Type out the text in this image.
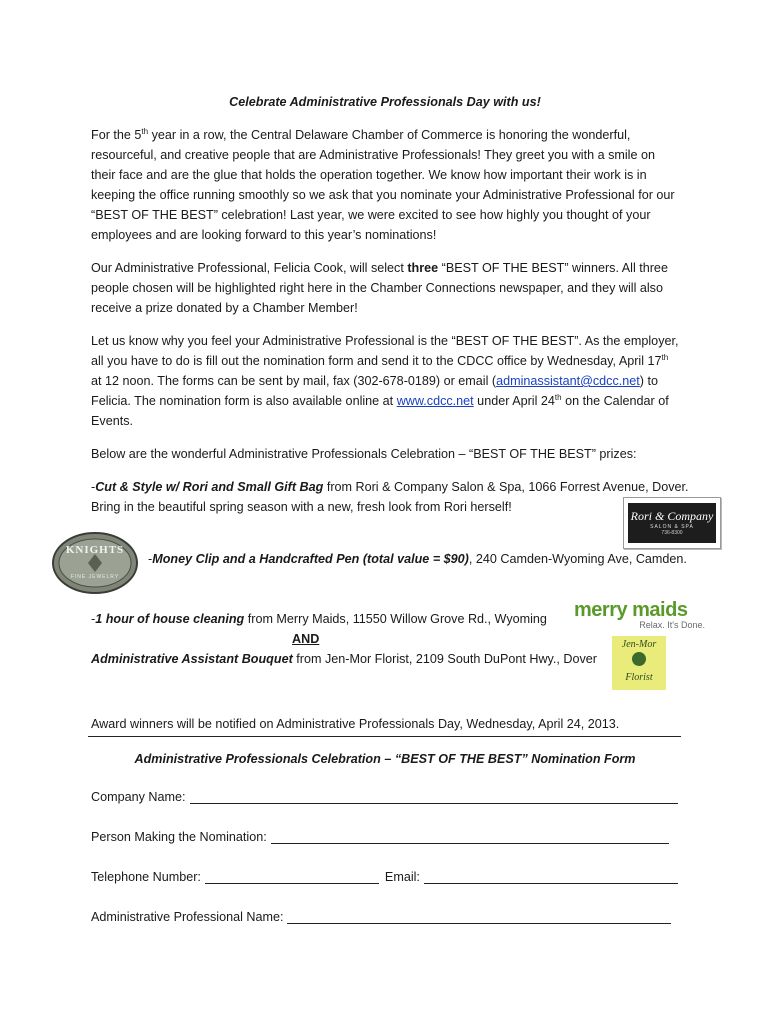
Celebrate Administrative Professionals Day with us!

For the 5th year in a row, the Central Delaware Chamber of Commerce is honoring the wonderful, resourceful, and creative people that are Administrative Professionals! They greet you with a smile on their face and are the glue that holds the operation together. We know how important their work is in keeping the office running smoothly so we ask that you nominate your Administrative Professional for our “BEST OF THE BEST” celebration! Last year, we were excited to see how highly you thought of your employees and are looking forward to this year’s nominations!

Our Administrative Professional, Felicia Cook, will select three “BEST OF THE BEST” winners. All three people chosen will be highlighted right here in the Chamber Connections newspaper, and they will also receive a prize donated by a Chamber Member!

Let us know why you feel your Administrative Professional is the “BEST OF THE BEST”. As the employer, all you have to do is fill out the nomination form and send it to the CDCC office by Wednesday, April 17th at 12 noon. The forms can be sent by mail, fax (302-678-0189) or email (adminassistant@cdcc.net) to Felicia. The nomination form is also available online at www.cdcc.net under April 24th on the Calendar of Events.

Below are the wonderful Administrative Professionals Celebration – “BEST OF THE BEST” prizes:

-Cut & Style w/ Rori and Small Gift Bag from Rori & Company Salon & Spa, 1066 Forrest Avenue, Dover. Bring in the beautiful spring season with a new, fresh look from Rori herself!

-Money Clip and a Handcrafted Pen (total value = $90), 240 Camden-Wyoming Ave, Camden.

-1 hour of house cleaning from Merry Maids, 11550 Willow Grove Rd., Wyoming

AND

Administrative Assistant Bouquet from Jen-Mor Florist, 2109 South DuPont Hwy., Dover

Award winners will be notified on Administrative Professionals Day, Wednesday, April 24, 2013.
Administrative Professionals Celebration – “BEST OF THE BEST” Nomination Form
Company Name:
Person Making the Nomination:
Telephone Number:	Email:
Administrative Professional Name:
Rori & Company
SALON & SPA
736-8300
KNIGHTS
FINE JEWELRY
merry maids
Relax. It's Done.
Jen-Mor
Florist
